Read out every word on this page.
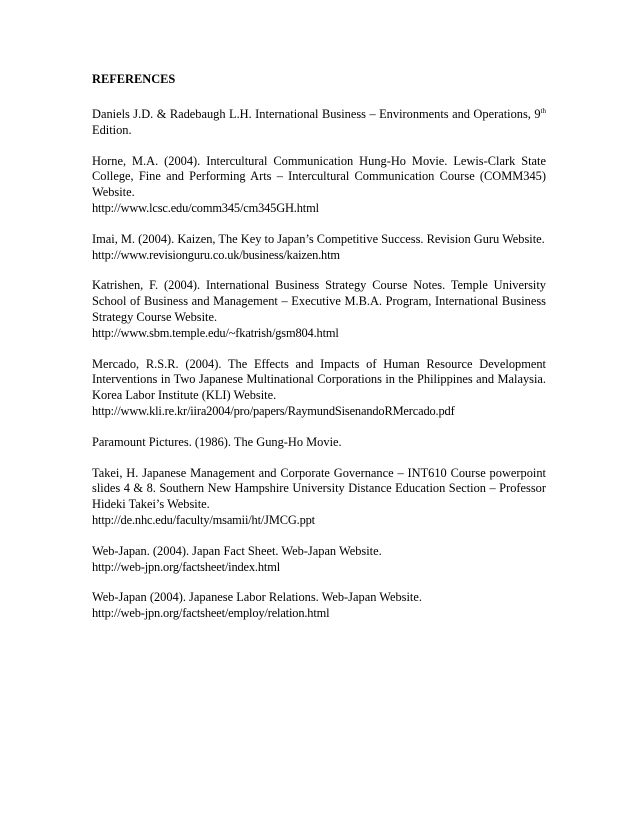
REFERENCES
Daniels J.D. & Radebaugh L.H. International Business – Environments and Operations, 9th Edition.
Horne, M.A. (2004). Intercultural Communication Hung-Ho Movie. Lewis-Clark State College, Fine and Performing Arts – Intercultural Communication Course (COMM345) Website.
http://www.lcsc.edu/comm345/cm345GH.html
Imai, M. (2004). Kaizen, The Key to Japan’s Competitive Success. Revision Guru Website.
http://www.revisionguru.co.uk/business/kaizen.htm
Katrishen, F. (2004). International Business Strategy Course Notes. Temple University School of Business and Management – Executive M.B.A. Program, International Business Strategy Course Website.
http://www.sbm.temple.edu/~fkatrish/gsm804.html
Mercado, R.S.R. (2004). The Effects and Impacts of Human Resource Development Interventions in Two Japanese Multinational Corporations in the Philippines and Malaysia. Korea Labor Institute (KLI) Website.
http://www.kli.re.kr/iira2004/pro/papers/RaymundSisenandoRMercado.pdf
Paramount Pictures. (1986). The Gung-Ho Movie.
Takei, H. Japanese Management and Corporate Governance – INT610 Course powerpoint slides 4 & 8. Southern New Hampshire University Distance Education Section – Professor Hideki Takei’s Website.
http://de.nhc.edu/faculty/msamii/ht/JMCG.ppt
Web-Japan. (2004). Japan Fact Sheet. Web-Japan Website.
http://web-jpn.org/factsheet/index.html
Web-Japan (2004). Japanese Labor Relations. Web-Japan Website.
http://web-jpn.org/factsheet/employ/relation.html
